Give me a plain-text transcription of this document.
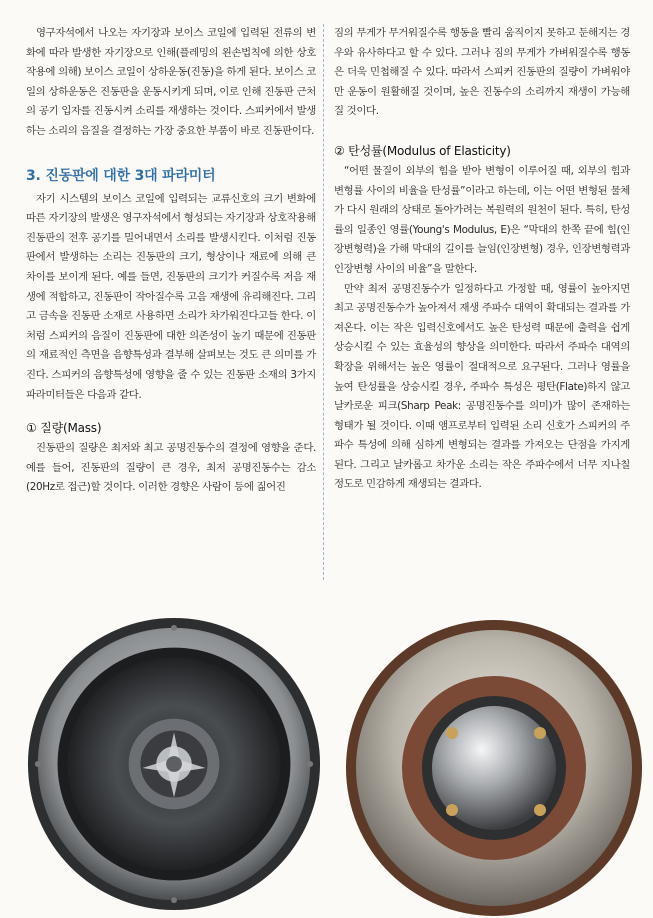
영구자석에서 나오는 자기장과 보이스 코일에 입력된 전류의 변화에 따라 발생한 자기장으로 인해(플레밍의 왼손법칙에 의한 상호작용에 의해) 보이스 코일이 상하운동(진동)을 하게 된다. 보이스 코일의 상하운동은 진동판을 운동시키게 되며, 이로 인해 진동판 근처의 공기 입자를 진동시켜 소리를 재생하는 것이다. 스피커에서 발생하는 소리의 음질을 결정하는 가장 중요한 부품이 바로 진동판이다.

3. 진동판에 대한 3대 파라미터

자기 시스템의 보이스 코일에 입력되는 교류신호의 크기 변화에 따른 자기장의 발생은 영구자석에서 형성되는 자기장과 상호작용해 진동판의 전후 공기를 밀어내면서 소리를 발생시킨다. 이처럼 진동판에서 발생하는 소리는 진동판의 크기, 형상이나 재료에 의해 큰 차이를 보이게 된다. 예를 들면, 진동판의 크기가 커질수록 저음 재생에 적합하고, 진동판이 작아질수록 고음 재생에 유리해진다. 그리고 금속을 진동판 소재로 사용하면 소리가 차가워진다고들 한다. 이처럼 스피커의 음질이 진동판에 대한 의존성이 높기 때문에 진동판의 재료적인 측면을 음향특성과 결부해 살펴보는 것도 큰 의미를 가진다. 스피커의 음향특성에 영향을 줄 수 있는 진동판 소재의 3가지 파라미터들은 다음과 같다.

① 질량(Mass)

진동판의 질량은 최저와 최고 공명진동수의 결정에 영향을 준다. 예를 들어, 진동판의 질량이 큰 경우, 최저 공명진동수는 감소(20Hz로 접근)할 것이다. 이러한 경향은 사람이 등에 짊어진

짐의 무게가 무거워질수록 행동을 빨리 움직이지 못하고 둔해지는 경우와 유사하다고 할 수 있다. 그러나 짐의 무게가 가벼워질수록 행동은 더욱 민첩해질 수 있다. 따라서 스피커 진동판의 질량이 가벼워야만 운동이 원활해질 것이며, 높은 진동수의 소리까지 재생이 가능해질 것이다.

② 탄성률(Modulus of Elasticity)

“어떤 물질이 외부의 힘을 받아 변형이 이루어질 때, 외부의 힘과 변형률 사이의 비율을 탄성률”이라고 하는데, 이는 어떤 변형된 물체가 다시 원래의 상태로 돌아가려는 복원력의 원천이 된다. 특히, 탄성률의 일종인 영률(Young's Modulus, E)은 “막대의 한쪽 끝에 힘(인장변형력)을 가해 막대의 길이를 늘임(인장변형) 경우, 인장변형력과 인장변형 사이의 비율”을 말한다.

만약 최저 공명진동수가 일정하다고 가정할 때, 영률이 높아지면 최고 공명진동수가 높아져서 재생 주파수 대역이 확대되는 결과를 가져온다. 이는 작은 입력신호에서도 높은 탄성력 때문에 출력을 쉽게 상승시킬 수 있는 효율성의 향상을 의미한다. 따라서 주파수 대역의 확장을 위해서는 높은 영률이 절대적으로 요구된다. 그러나 영률을 높여 탄성률을 상승시킬 경우, 주파수 특성은 평탄(Flate)하지 않고 날카로운 피크(Sharp Peak: 공명진동수를 의미)가 많이 존재하는 형태가 될 것이다. 이때 앰프로부터 입력된 소리 신호가 스피커의 주파수 특성에 의해 심하게 변형되는 결과를 가져오는 단점을 가지게 된다. 그리고 날카롭고 차가운 소리는 작은 주파수에서 너무 지나칠 정도로 민감하게 재생되는 결과다.
